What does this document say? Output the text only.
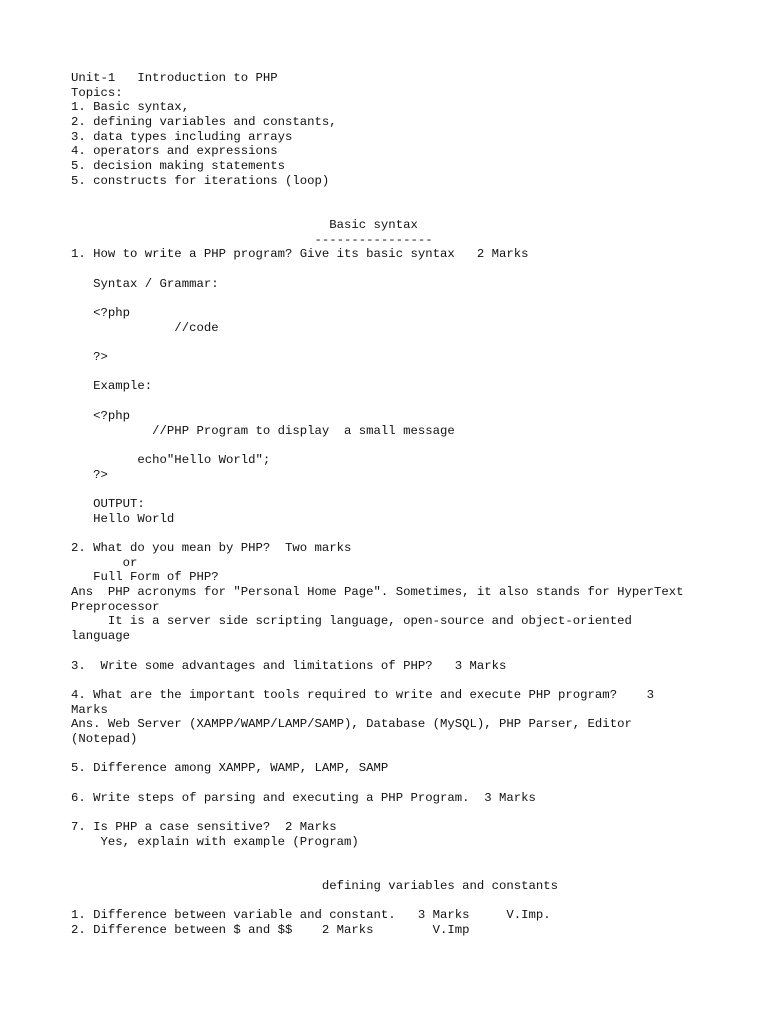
Unit-1   Introduction to PHP
Topics:
1. Basic syntax,
2. defining variables and constants,
3. data types including arrays
4. operators and expressions
5. decision making statements
5. constructs for iterations (loop)
Basic syntax
----------------
1. How to write a PHP program? Give its basic syntax   2 Marks
Syntax / Grammar:
<?php
//code
?>
Example:
<?php
//PHP Program to display  a small message
echo"Hello World";
?>
OUTPUT:
Hello World
2. What do you mean by PHP?  Two marks
or
Full Form of PHP?
Ans  PHP acronyms for "Personal Home Page". Sometimes, it also stands for HyperText
Preprocessor
It is a server side scripting language, open-source and object-oriented
language
3.  Write some advantages and limitations of PHP?   3 Marks
4. What are the important tools required to write and execute PHP program?    3
Marks
Ans. Web Server (XAMPP/WAMP/LAMP/SAMP), Database (MySQL), PHP Parser, Editor
(Notepad)
5. Difference among XAMPP, WAMP, LAMP, SAMP
6. Write steps of parsing and executing a PHP Program.  3 Marks
7. Is PHP a case sensitive?  2 Marks
Yes, explain with example (Program)
defining variables and constants
1. Difference between variable and constant.   3 Marks     V.Imp.
2. Difference between $ and $$    2 Marks        V.Imp
